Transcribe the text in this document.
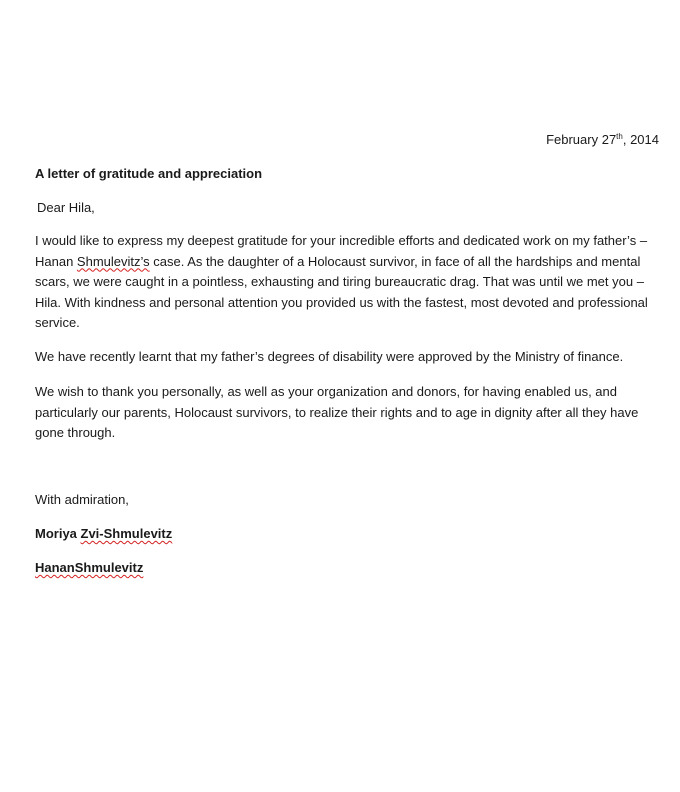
February 27th, 2014
A letter of gratitude and appreciation
Dear Hila,

I would like to express my deepest gratitude for your incredible efforts and dedicated work on my father’s – Hanan Shmulevitz’s case. As the daughter of a Holocaust survivor, in face of all the hardships and mental scars, we were caught in a pointless, exhausting and tiring bureaucratic drag. That was until we met you – Hila. With kindness and personal attention you provided us with the fastest, most devoted and professional service.

We have recently learnt that my father’s degrees of disability were approved by the Ministry of finance.

We wish to thank you personally, as well as your organization and donors, for having enabled us, and particularly our parents, Holocaust survivors, to realize their rights and to age in dignity after all they have gone through.

With admiration,
Moriya Zvi-Shmulevitz
HananShmulevitz
